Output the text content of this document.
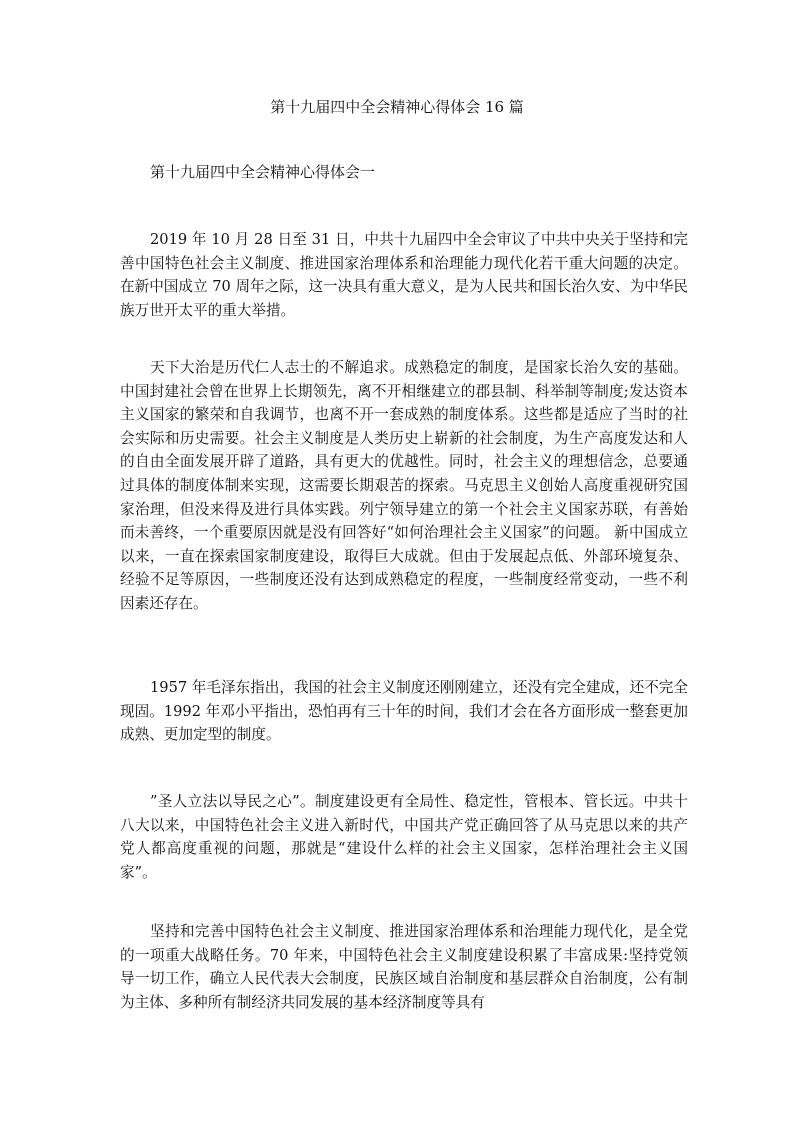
第十九届四中全会精神心得体会 16 篇
第十九届四中全会精神心得体会一

2019 年 10 月 28 日至 31 日，中共十九届四中全会审议了中共中央关于坚持和完善中国特色社会主义制度、推进国家治理体系和治理能力现代化若干重大问题的决定。在新中国成立 70 周年之际，这一决具有重大意义，是为人民共和国长治久安、为中华民族万世开太平的重大举措。

天下大治是历代仁人志士的不解追求。成熟稳定的制度，是国家长治久安的基础。中国封建社会曾在世界上长期领先，离不开相继建立的郡县制、科举制等制度;发达资本主义国家的繁荣和自我调节，也离不开一套成熟的制度体系。这些都是适应了当时的社会实际和历史需要。社会主义制度是人类历史上崭新的社会制度，为生产高度发达和人的自由全面发展开辟了道路，具有更大的优越性。同时，社会主义的理想信念，总要通过具体的制度体制来实现，这需要长期艰苦的探索。马克思主义创始人高度重视研究国家治理，但没来得及进行具体实践。列宁领导建立的第一个社会主义国家苏联，有善始而未善终，一个重要原因就是没有回答好“如何治理社会主义国家”的问题。 新中国成立以来，一直在探索国家制度建设，取得巨大成就。但由于发展起点低、外部环境复杂、经验不足等原因，一些制度还没有达到成熟稳定的程度，一些制度经常变动，一些不利因素还存在。

1957 年毛泽东指出，我国的社会主义制度还刚刚建立，还没有完全建成，还不完全现固。1992 年邓小平指出，恐怕再有三十年的时间，我们才会在各方面形成一整套更加成熟、更加定型的制度。

”圣人立法以导民之心”。制度建设更有全局性、稳定性，管根本、管长远。中共十八大以来，中国特色社会主义进入新时代，中国共产党正确回答了从马克思以来的共产党人都高度重视的问题，那就是“建设什么样的社会主义国家，怎样治理社会主义国家”。

坚持和完善中国特色社会主义制度、推进国家治理体系和治理能力现代化，是全党的一项重大战略任务。70 年来，中国特色社会主义制度建设积累了丰富成果:坚持党领导一切工作，确立人民代表大会制度，民族区域自治制度和基层群众自治制度，公有制为主体、多种所有制经济共同发展的基本经济制度等具有
